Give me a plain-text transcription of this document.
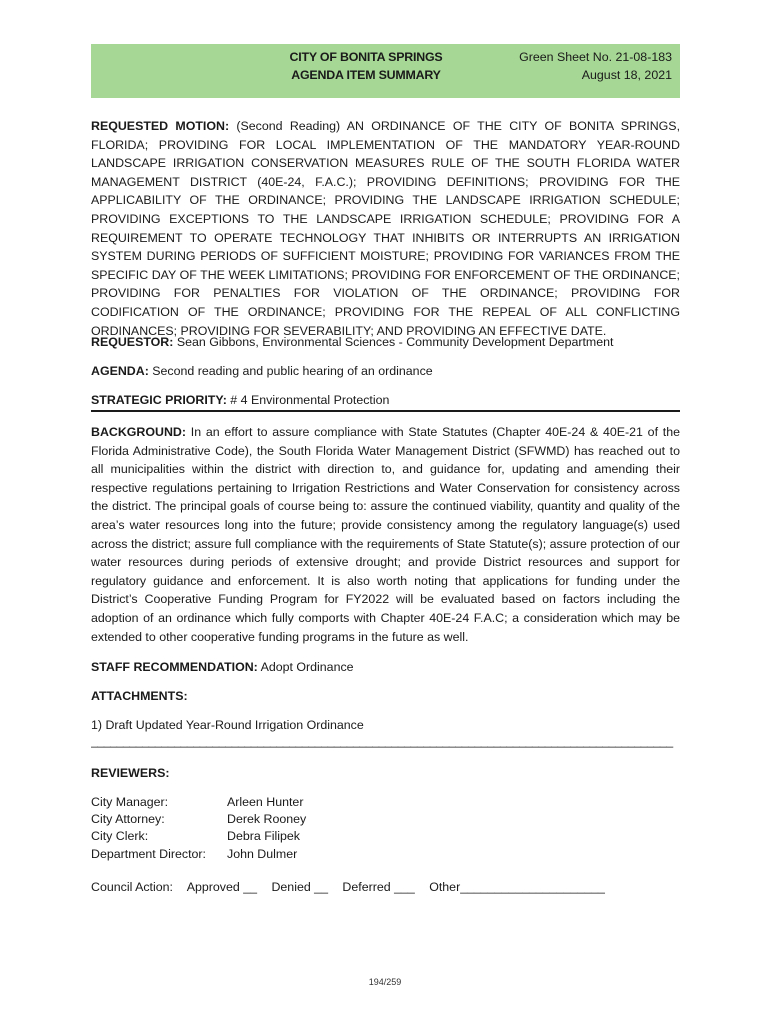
CITY OF BONITA SPRINGS
AGENDA ITEM SUMMARY
Green Sheet No. 21-08-183
August 18, 2021
REQUESTED MOTION: (Second Reading) AN ORDINANCE OF THE CITY OF BONITA SPRINGS, FLORIDA; PROVIDING FOR LOCAL IMPLEMENTATION OF THE MANDATORY YEAR-ROUND LANDSCAPE IRRIGATION CONSERVATION MEASURES RULE OF THE SOUTH FLORIDA WATER MANAGEMENT DISTRICT (40E-24, F.A.C.); PROVIDING DEFINITIONS; PROVIDING FOR THE APPLICABILITY OF THE ORDINANCE; PROVIDING THE LANDSCAPE IRRIGATION SCHEDULE; PROVIDING EXCEPTIONS TO THE LANDSCAPE IRRIGATION SCHEDULE; PROVIDING FOR A REQUIREMENT TO OPERATE TECHNOLOGY THAT INHIBITS OR INTERRUPTS AN IRRIGATION SYSTEM DURING PERIODS OF SUFFICIENT MOISTURE; PROVIDING FOR VARIANCES FROM THE SPECIFIC DAY OF THE WEEK LIMITATIONS; PROVIDING FOR ENFORCEMENT OF THE ORDINANCE; PROVIDING FOR PENALTIES FOR VIOLATION OF THE ORDINANCE; PROVIDING FOR CODIFICATION OF THE ORDINANCE; PROVIDING FOR THE REPEAL OF ALL CONFLICTING ORDINANCES; PROVIDING FOR SEVERABILITY; AND PROVIDING AN EFFECTIVE DATE.
REQUESTOR: Sean Gibbons, Environmental Sciences - Community Development Department
AGENDA: Second reading and public hearing of an ordinance
STRATEGIC PRIORITY: # 4 Environmental Protection
BACKGROUND: In an effort to assure compliance with State Statutes (Chapter 40E-24 & 40E-21 of the Florida Administrative Code), the South Florida Water Management District (SFWMD) has reached out to all municipalities within the district with direction to, and guidance for, updating and amending their respective regulations pertaining to Irrigation Restrictions and Water Conservation for consistency across the district. The principal goals of course being to: assure the continued viability, quantity and quality of the area’s water resources long into the future; provide consistency among the regulatory language(s) used across the district; assure full compliance with the requirements of State Statute(s); assure protection of our water resources during periods of extensive drought; and provide District resources and support for regulatory guidance and enforcement. It is also worth noting that applications for funding under the District’s Cooperative Funding Program for FY2022 will be evaluated based on factors including the adoption of an ordinance which fully comports with Chapter 40E-24 F.A.C; a consideration which may be extended to other cooperative funding programs in the future as well.
STAFF RECOMMENDATION: Adopt Ordinance
ATTACHMENTS:
1) Draft Updated Year-Round Irrigation Ordinance
___________________________________________________________________________________________
REVIEWERS:
City Manager:	Arleen Hunter
City Attorney:	Derek Rooney
City Clerk:	Debra Filipek
Department Director:	John Dulmer
Council Action: Approved __ Denied __ Deferred ___ Other_____________________
194/259
